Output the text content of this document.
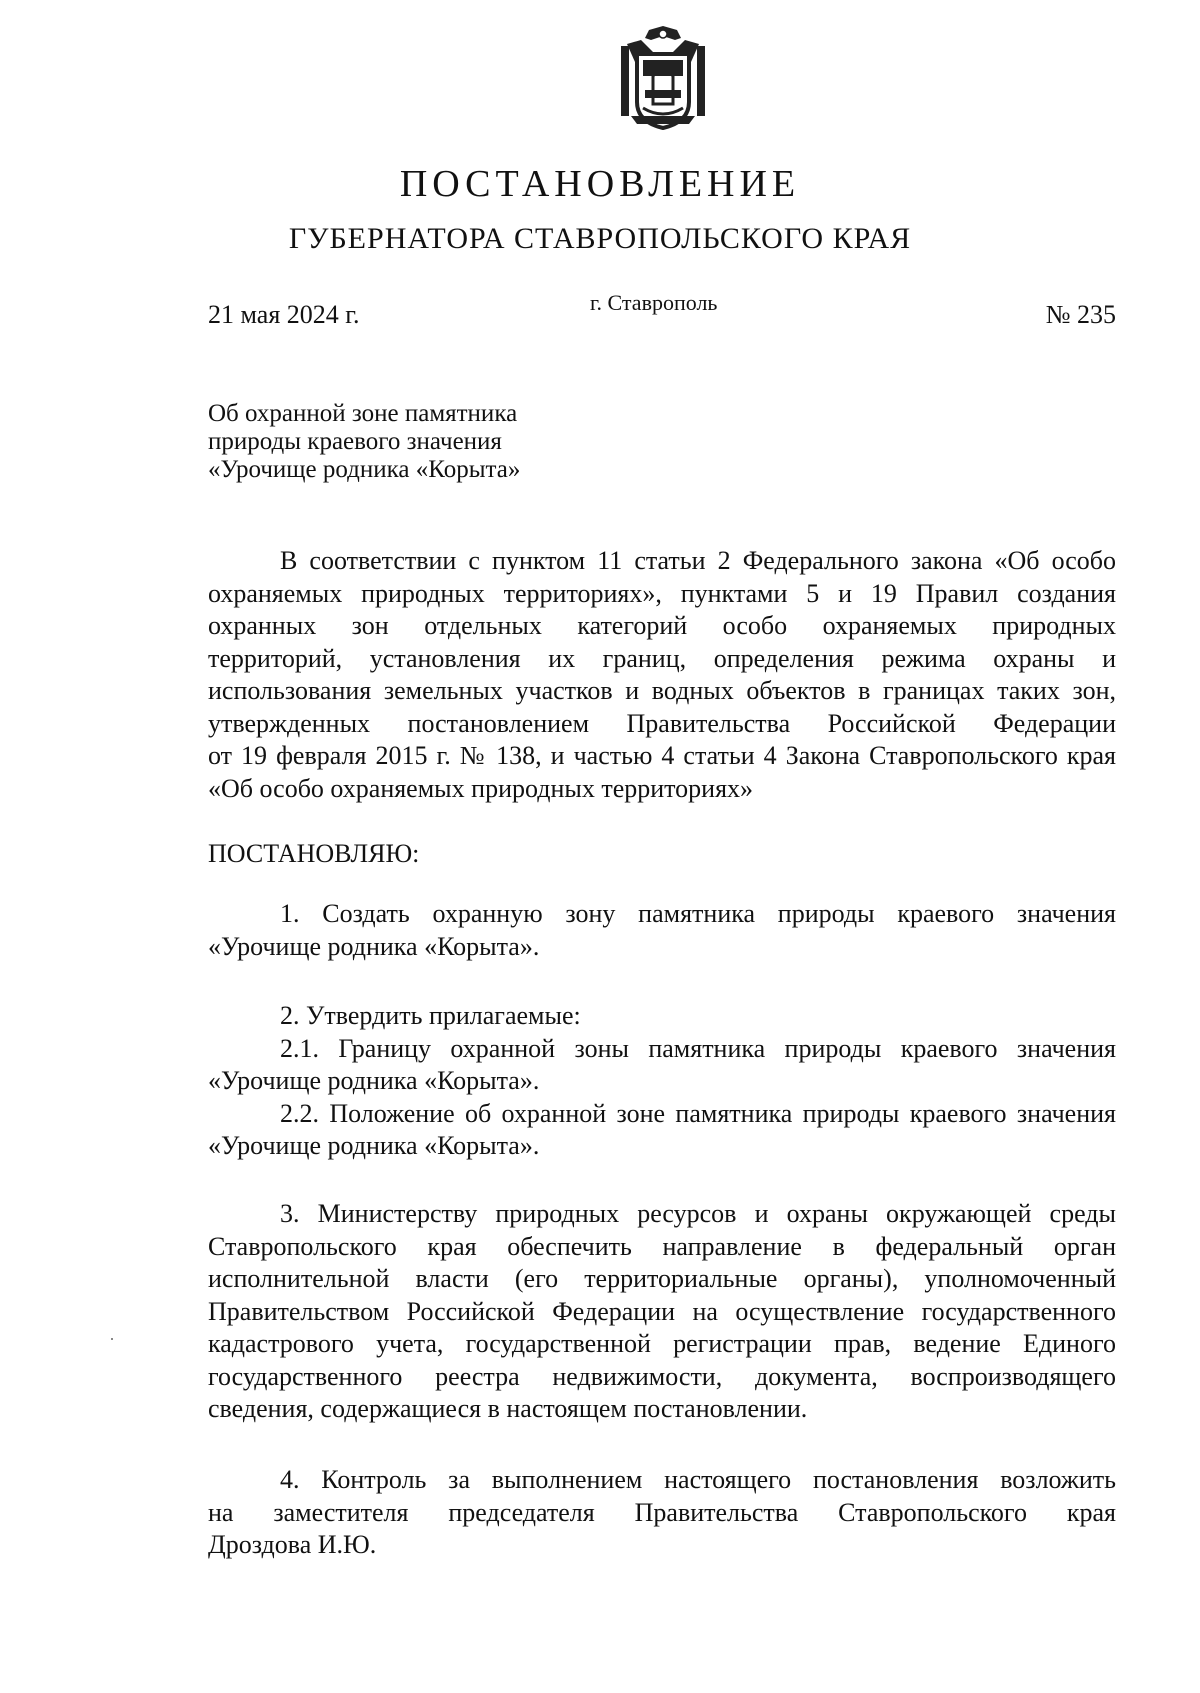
ПОСТАНОВЛЕНИЕ
ГУБЕРНАТОРА СТАВРОПОЛЬСКОГО КРАЯ
21 мая 2024 г.	г. Ставрополь	№ 235
Об охранной зоне памятника
природы краевого значения
«Урочище родника «Корыта»
В соответствии с пунктом 11 статьи 2 Федерального закона «Об особо
охраняемых природных территориях», пунктами 5 и 19 Правил создания
охранных зон отдельных категорий особо охраняемых природных
территорий, установления их границ, определения режима охраны и
использования земельных участков и водных объектов в границах таких зон,
утвержденных постановлением Правительства Российской Федерации
от 19 февраля 2015 г. № 138, и частью 4 статьи 4 Закона Ставропольского края
«Об особо охраняемых природных территориях»
ПОСТАНОВЛЯЮ:
1. Создать охранную зону памятника природы краевого значения
«Урочище родника «Корыта».
2. Утвердить прилагаемые:
2.1. Границу охранной зоны памятника природы краевого значения
«Урочище родника «Корыта».
2.2. Положение об охранной зоне памятника природы краевого значения
«Урочище родника «Корыта».
3. Министерству природных ресурсов и охраны окружающей среды
Ставропольского края обеспечить направление в федеральный орган
исполнительной власти (его территориальные органы), уполномоченный
Правительством Российской Федерации на осуществление государственного
кадастрового учета, государственной регистрации прав, ведение Единого
государственного реестра недвижимости, документа, воспроизводящего
сведения, содержащиеся в настоящем постановлении.
4. Контроль за выполнением настоящего постановления возложить
на заместителя председателя Правительства Ставропольского края
Дроздова И.Ю.
